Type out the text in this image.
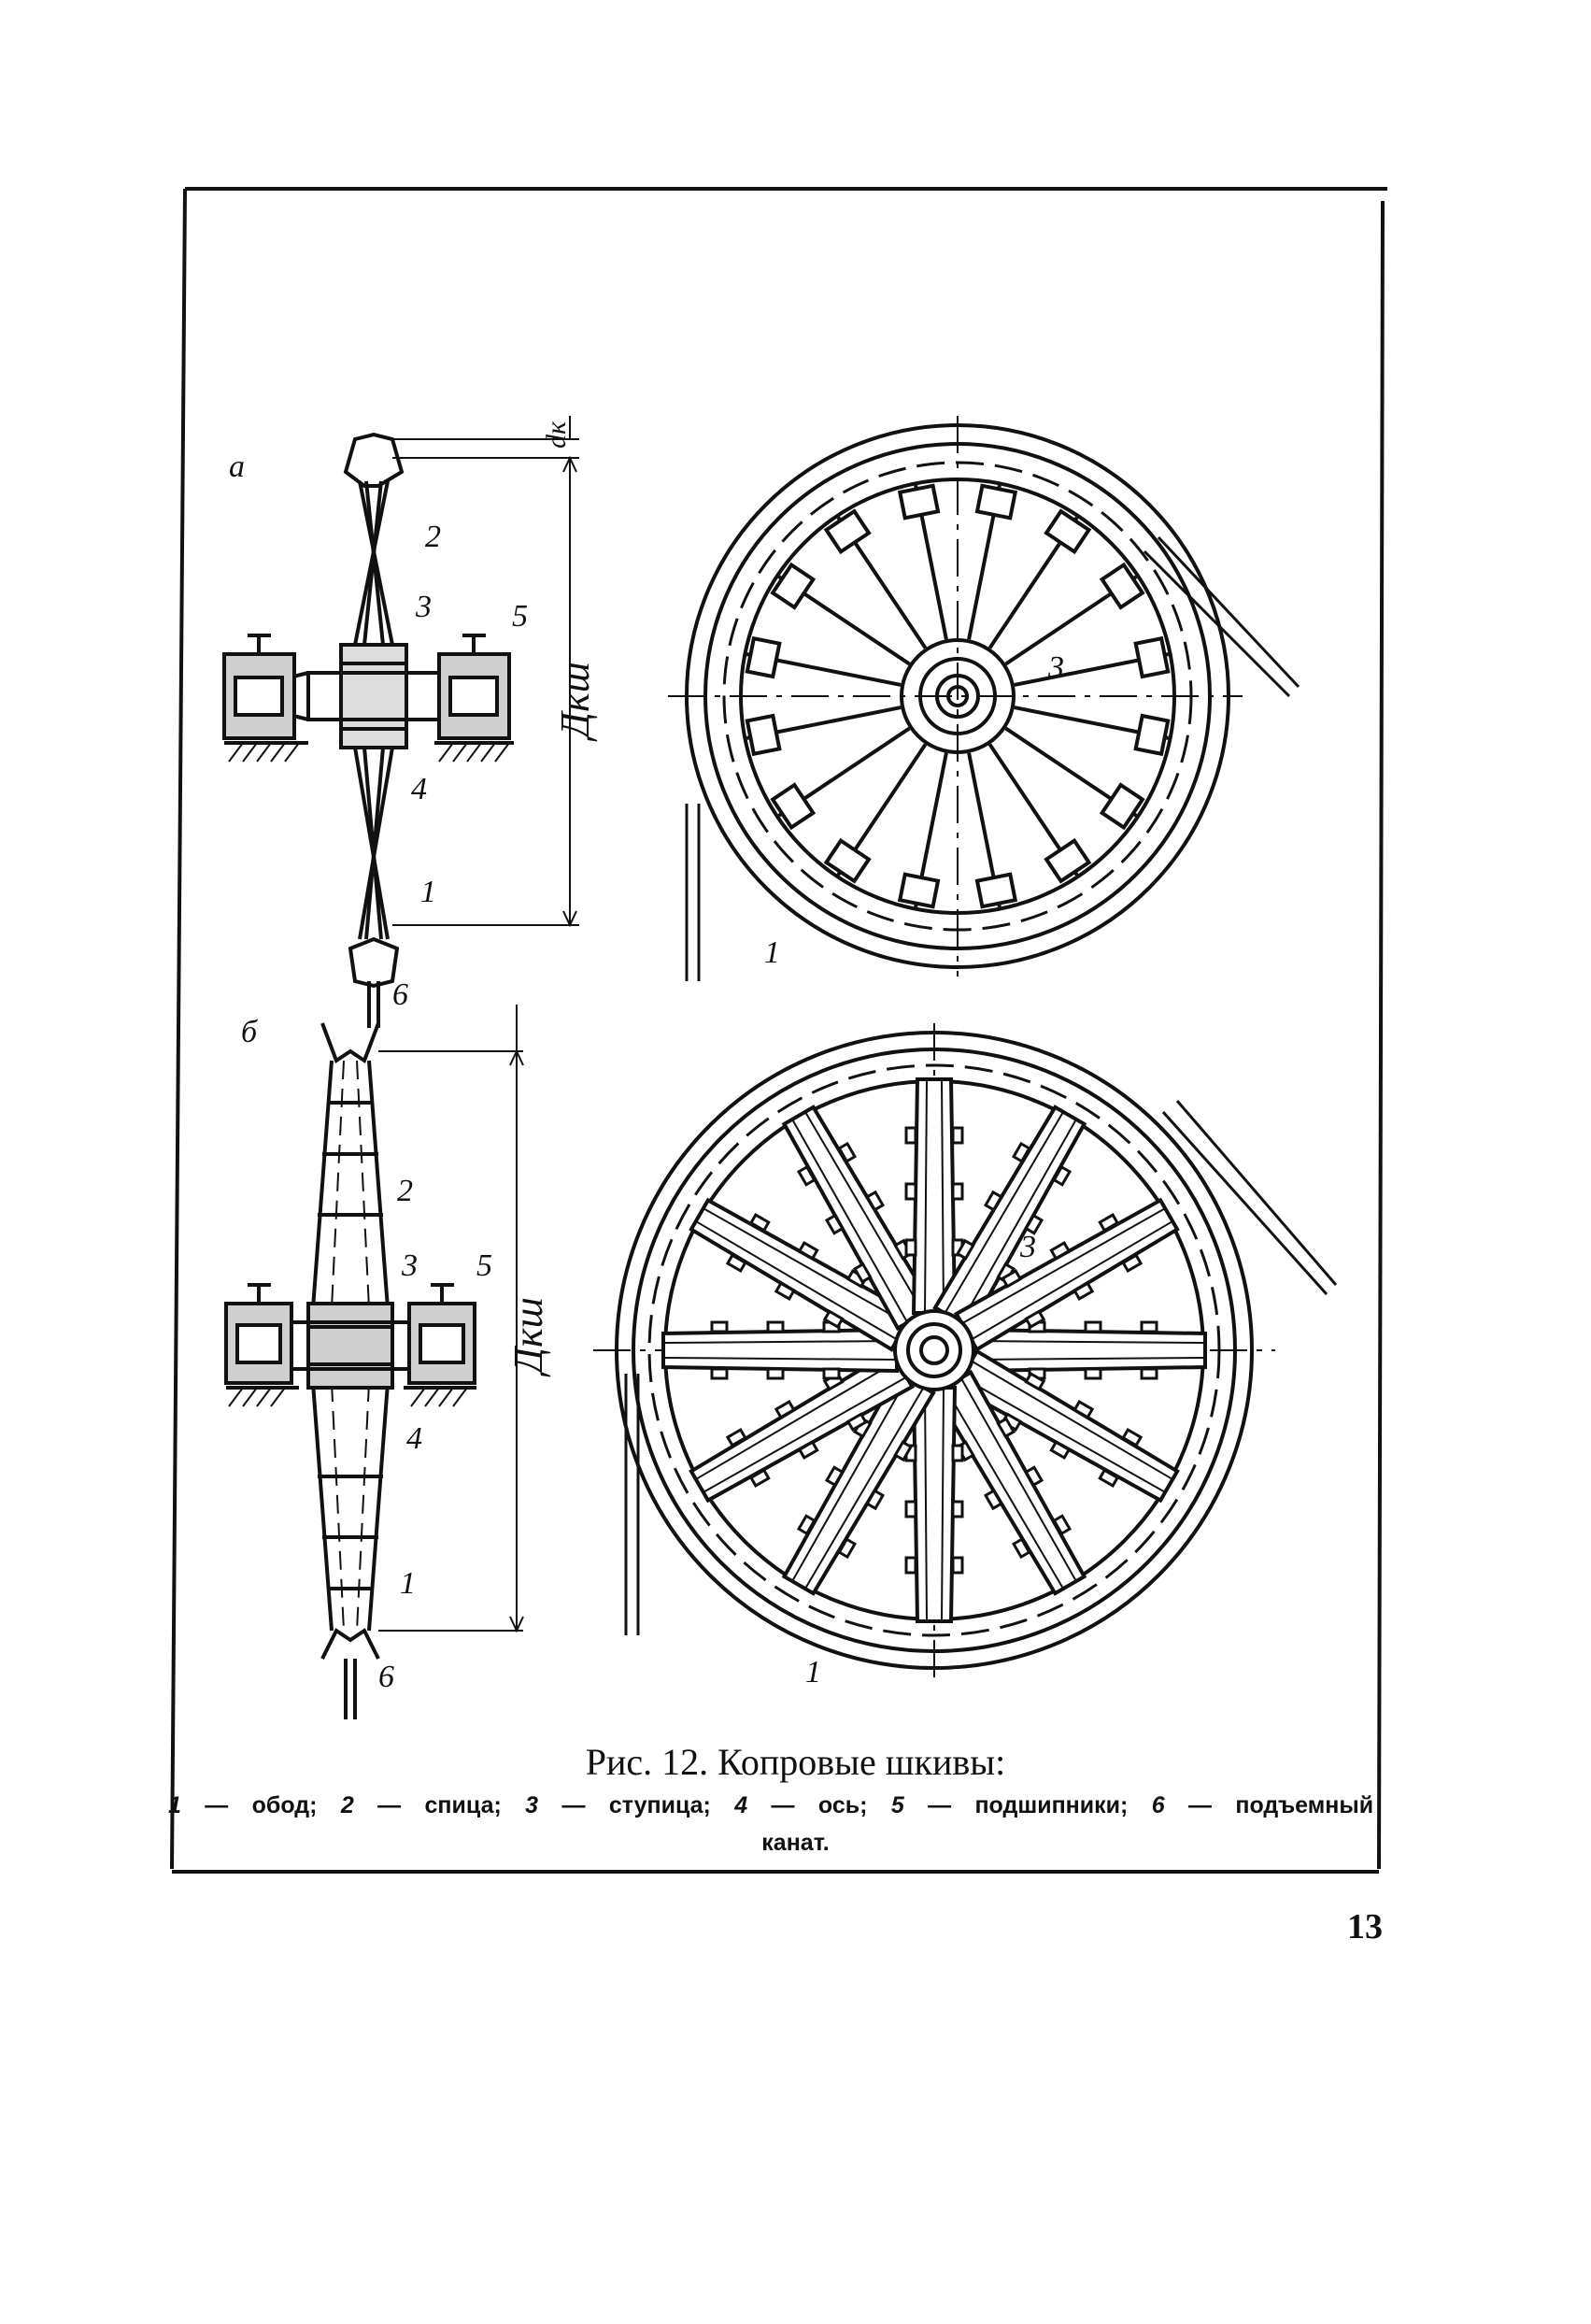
а
2
3	5
4
1
6
dк
Дкш	3
1
б
2
3 5
4
1
6
Дкш
3
1
Рис. 12. Копровые шкивы:
1 — обод; 2 — спица; 3 — ступица; 4 — ось; 5 — подшипники; 6 — подъемный
канат.
13
